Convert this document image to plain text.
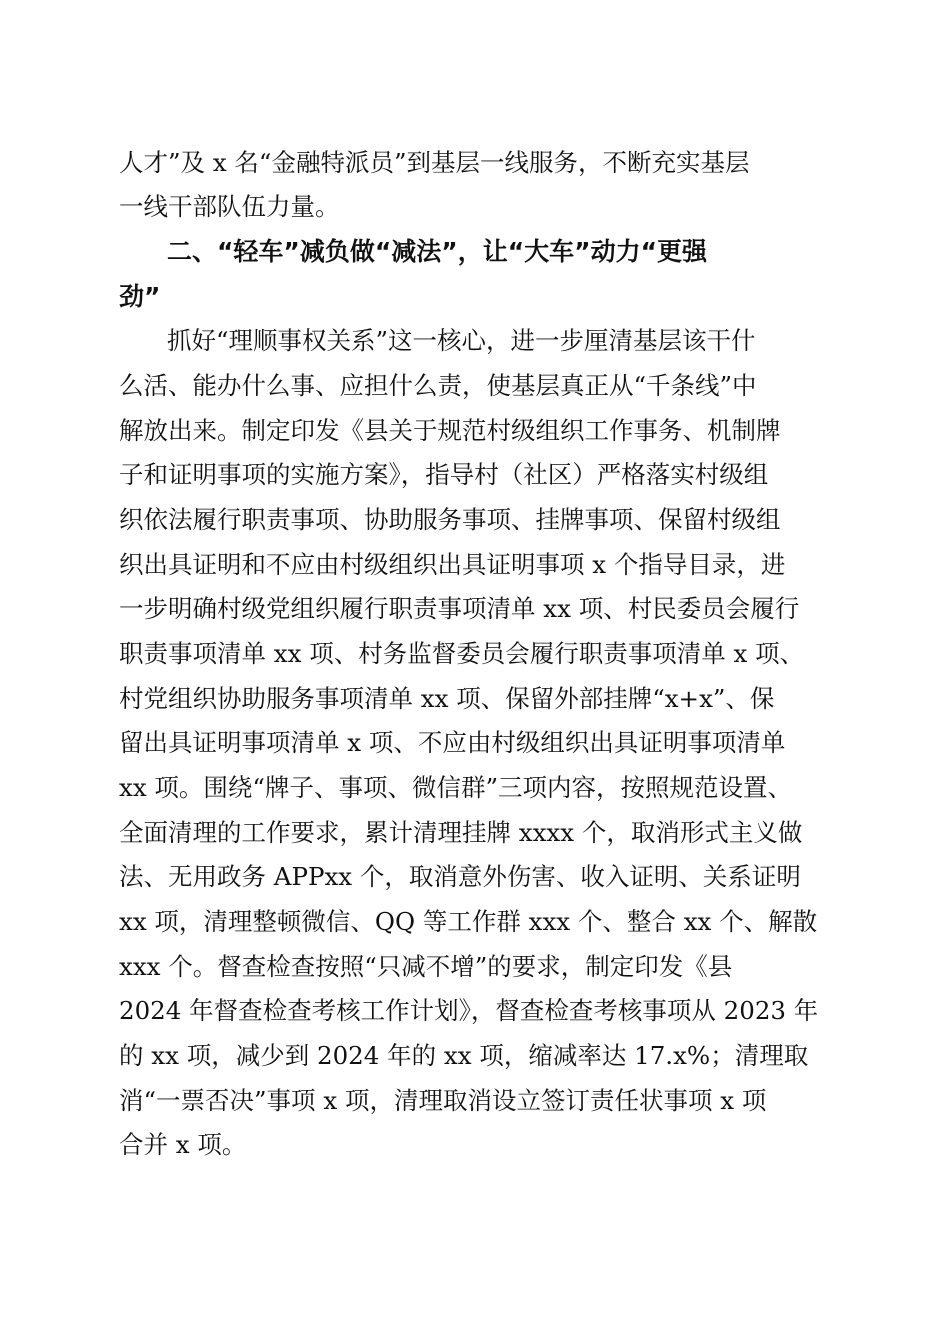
人才”及 x 名“金融特派员”到基层一线服务，不断充实基层
一线干部队伍力量。
二、“轻车”减负做“减法”，让“大车”动力“更强
劲”
抓好“理顺事权关系”这一核心，进一步厘清基层该干什
么活、能办什么事、应担什么责，使基层真正从“千条线”中
解放出来。制定印发《县关于规范村级组织工作事务、机制牌
子和证明事项的实施方案》，指导村（社区）严格落实村级组
织依法履行职责事项、协助服务事项、挂牌事项、保留村级组
织出具证明和不应由村级组织出具证明事项 x 个指导目录，进
一步明确村级党组织履行职责事项清单 xx 项、村民委员会履行
职责事项清单 xx 项、村务监督委员会履行职责事项清单 x 项、
村党组织协助服务事项清单 xx 项、保留外部挂牌“x+x”、保
留出具证明事项清单 x 项、不应由村级组织出具证明事项清单
xx 项。围绕“牌子、事项、微信群”三项内容，按照规范设置、
全面清理的工作要求，累计清理挂牌 xxxx 个，取消形式主义做
法、无用政务 APPxx 个，取消意外伤害、收入证明、关系证明
xx 项，清理整顿微信、QQ 等工作群 xxx 个、整合 xx 个、解散
xxx 个。督查检查按照“只减不增”的要求，制定印发《县
2024 年督查检查考核工作计划》，督查检查考核事项从 2023 年
的 xx 项，减少到 2024 年的 xx 项，缩减率达 17.x%；清理取
消“一票否决”事项 x 项，清理取消设立签订责任状事项 x 项
合并 x 项。
